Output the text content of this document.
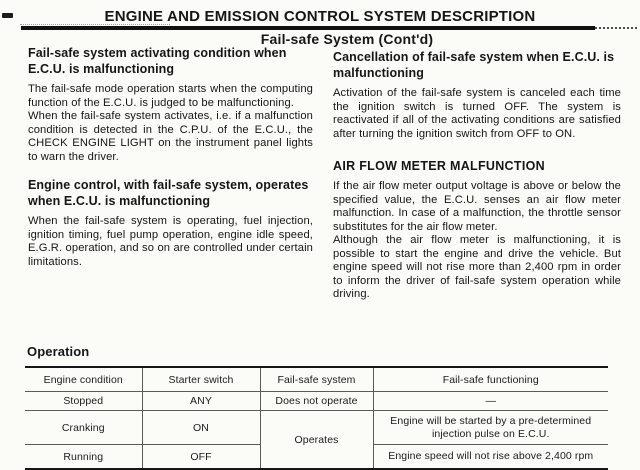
ENGINE AND EMISSION CONTROL SYSTEM DESCRIPTION
Fail-safe System (Cont'd)
Fail-safe system activating condition when E.C.U. is malfunctioning

The fail-safe mode operation starts when the computing function of the E.C.U. is judged to be malfunctioning.

When the fail-safe system activates, i.e. if a malfunction condition is detected in the C.P.U. of the E.C.U., the CHECK ENGINE LIGHT on the instrument panel lights to warn the driver.

Engine control, with fail-safe system, operates when E.C.U. is malfunctioning

When the fail-safe system is operating, fuel injection, ignition timing, fuel pump operation, engine idle speed, E.G.R. operation, and so on are controlled under certain limitations.

Cancellation of fail-safe system when E.C.U. is malfunctioning

Activation of the fail-safe system is canceled each time the ignition switch is turned OFF. The system is reactivated if all of the activating conditions are satisfied after turning the ignition switch from OFF to ON.

AIR FLOW METER MALFUNCTION

If the air flow meter output voltage is above or below the specified value, the E.C.U. senses an air flow meter malfunction. In case of a malfunction, the throttle sensor substitutes for the air flow meter.

Although the air flow meter is malfunctioning, it is possible to start the engine and drive the vehicle. But engine speed will not rise more than 2,400 rpm in order to inform the driver of fail-safe system operation while driving.

Operation
Engine condition	Starter switch	Fail-safe system	Fail-safe functioning
Stopped	ANY	Does not operate	—
Cranking	ON	Operates	Engine will be started by a pre-determined injection pulse on E.C.U.
Running	OFF		Engine speed will not rise above 2,400 rpm
